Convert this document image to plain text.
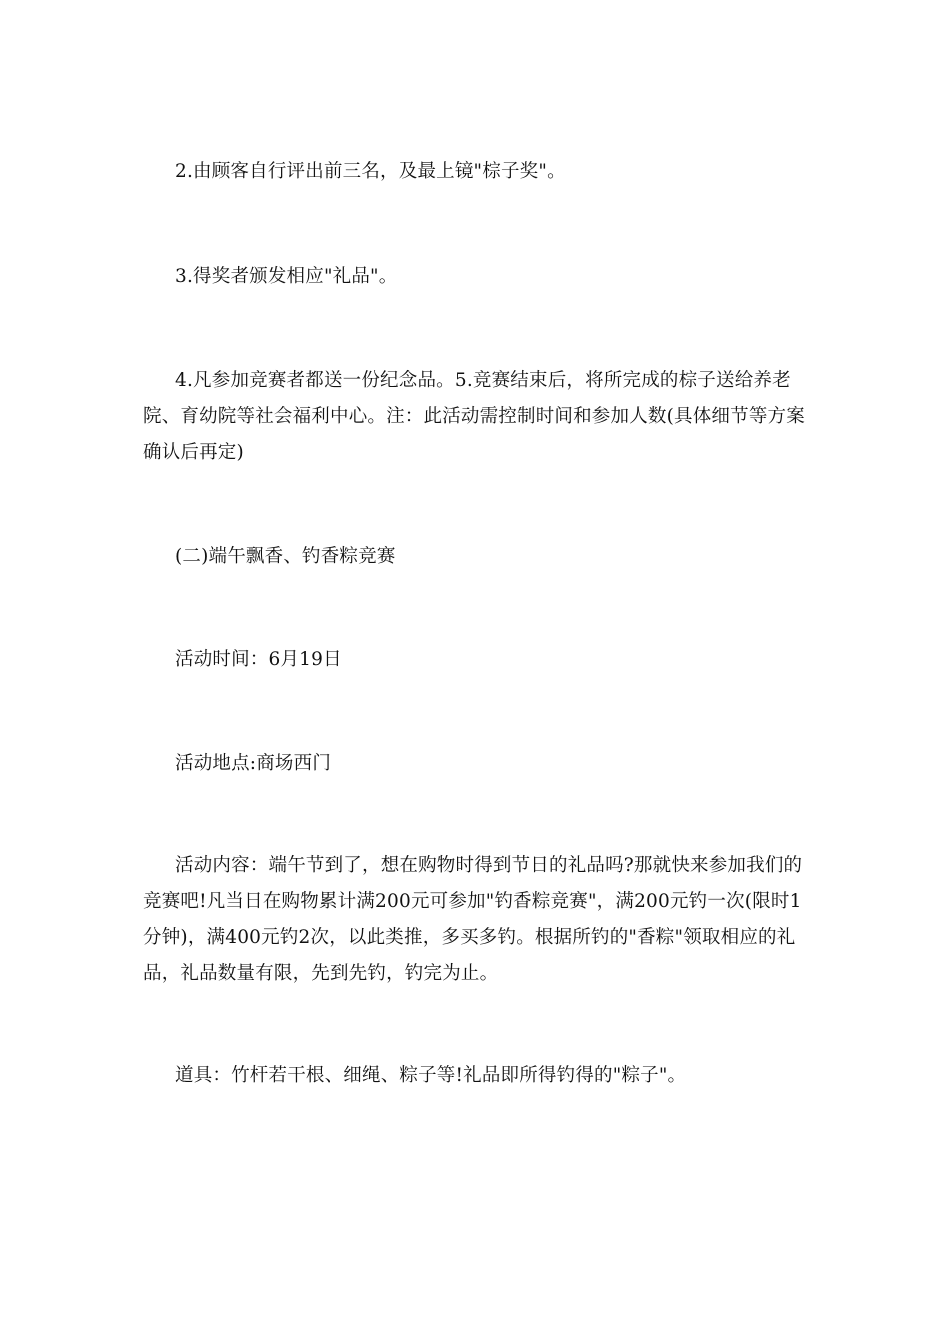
2.由顾客自行评出前三名，及最上镜"棕子奖"。

3.得奖者颁发相应"礼品"。

4.凡参加竞赛者都送一份纪念品。5.竞赛结束后，将所完成的棕子送给养老院、育幼院等社会福利中心。注：此活动需控制时间和参加人数(具体细节等方案确认后再定)

(二)端午飘香、钓香粽竞赛

活动时间：6月19日

活动地点:商场西门

活动内容：端午节到了，想在购物时得到节日的礼品吗?那就快来参加我们的竞赛吧!凡当日在购物累计满200元可参加"钓香粽竞赛"，满200元钓一次(限时1分钟)，满400元钓2次，以此类推，多买多钓。根据所钓的"香粽"领取相应的礼品，礼品数量有限，先到先钓，钓完为止。

道具：竹杆若干根、细绳、粽子等!礼品即所得钓得的"粽子"。
